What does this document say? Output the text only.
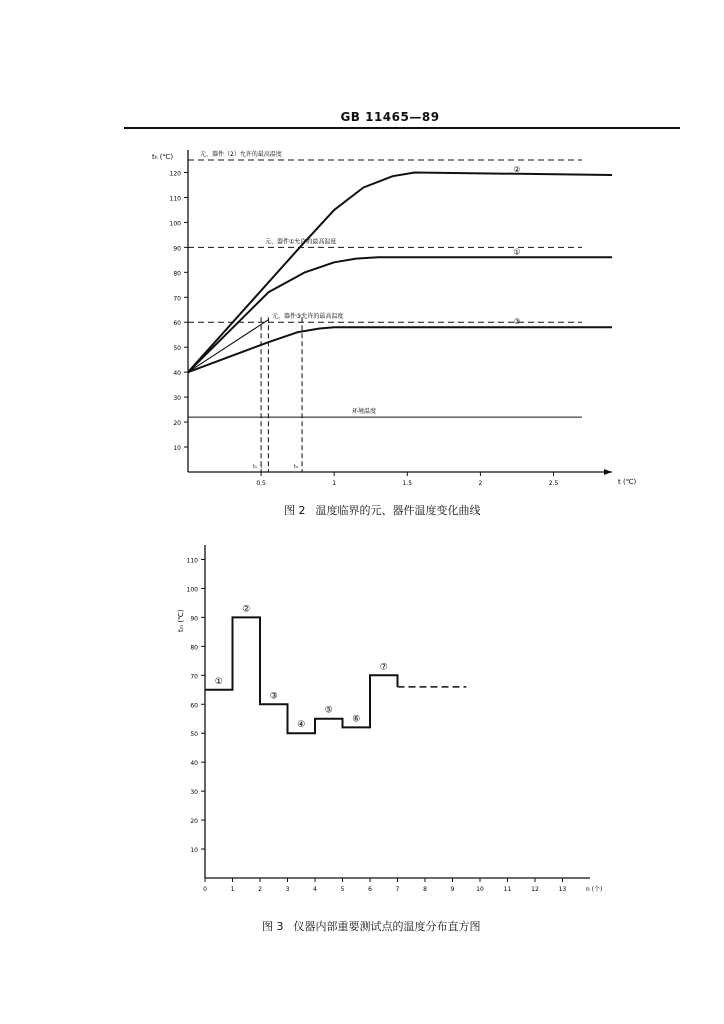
GB 11465—89
10
20
30
40
50
60
70
80
90
100
110
120
0.5	1	1.5	2	2.5
tₕ (℃)
t (℃)
元、器件（2）允许的最高温度
元、器件①允许的最高温度
元、器件③允许的最高温度
环境温度
②
①
③
t₁ t	t₂
10
20
30
40
50
60
70
80
90
100
110
0	1	2	3	4	5	6	7	8	9	10	11	12	13
tₘ (℃)
n (个)
①
②
③
④
⑤
⑥
⑦
图 2 温度临界的元、器件温度变化曲线
图 3 仪器内部重要测试点的温度分布直方图
